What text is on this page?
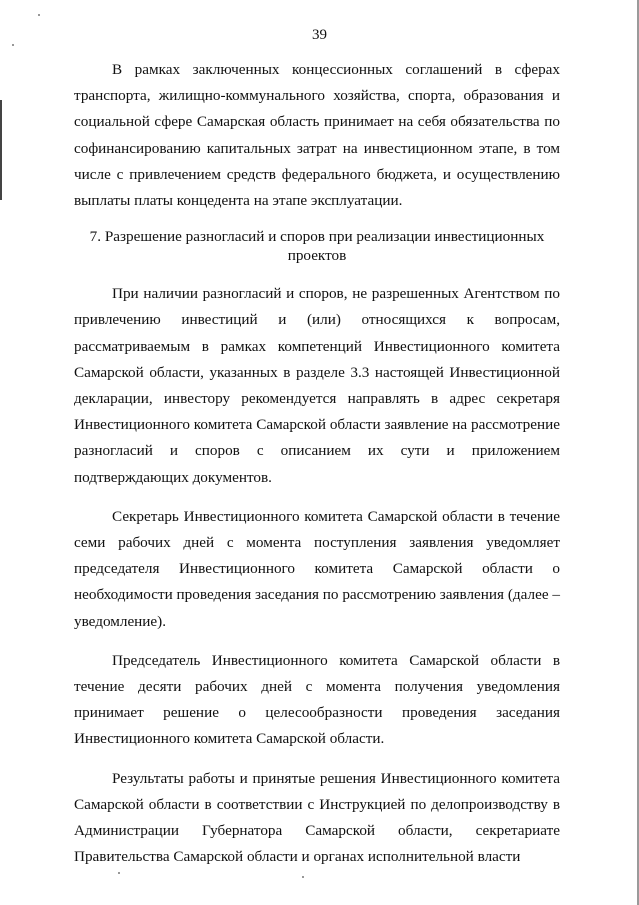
39

В рамках заключенных концессионных соглашений в сферах транспорта, жилищно-коммунального хозяйства, спорта, образования и социальной сфере Самарская область принимает на себя обязательства по софинансированию капитальных затрат на инвестиционном этапе, в том числе с привлечением средств федерального бюджета, и осуществлению выплаты платы концедента на этапе эксплуатации.

7. Разрешение разногласий и споров при реализации инвестиционных
проектов

При наличии разногласий и споров, не разрешенных Агентством по привлечению инвестиций и (или) относящихся к вопросам, рассматриваемым в рамках компетенций Инвестиционного комитета Самарской области, указанных в разделе 3.3 настоящей Инвестиционной декларации, инвестору рекомендуется направлять в адрес секретаря Инвестиционного комитета Самарской области заявление на рассмотрение разногласий и споров с описанием их сути и приложением подтверждающих документов.

Секретарь Инвестиционного комитета Самарской области в течение семи рабочих дней с момента поступления заявления уведомляет председателя Инвестиционного комитета Самарской области о необходимости проведения заседания по рассмотрению заявления (далее – уведомление).

Председатель Инвестиционного комитета Самарской области в течение десяти рабочих дней с момента получения уведомления принимает решение о целесообразности проведения заседания Инвестиционного комитета Самарской области.

Результаты работы и принятые решения Инвестиционного комитета Самарской области в соответствии с Инструкцией по делопроизводству в Администрации Губернатора Самарской области, секретариате Правительства Самарской области и органах исполнительной власти
